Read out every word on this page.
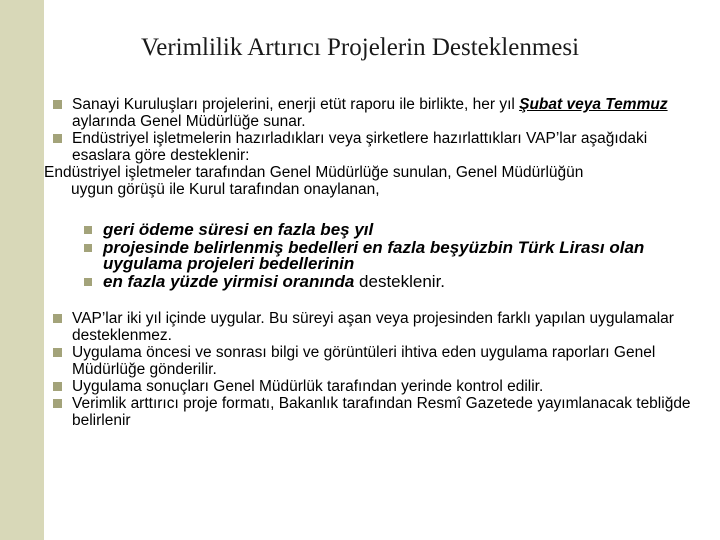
Verimlilik Artırıcı Projelerin Desteklenmesi
Sanayi Kuruluşları projelerini, enerji etüt raporu ile birlikte, her yıl Şubat veya Temmuz aylarında Genel Müdürlüğe sunar.
Endüstriyel işletmelerin hazırladıkları veya şirketlere hazırlattıkları VAP’lar aşağıdaki esaslara göre desteklenir:
Endüstriyel işletmeler tarafından Genel Müdürlüğe sunulan, Genel Müdürlüğün
uygun görüşü ile Kurul tarafından onaylanan,
geri ödeme süresi en fazla beş yıl
projesinde belirlenmiş bedelleri en fazla beşyüzbin Türk Lirası olan uygulama projeleri bedellerinin
en fazla yüzde yirmisi oranında desteklenir.
VAP’lar iki yıl içinde uygular. Bu süreyi aşan veya projesinden farklı yapılan uygulamalar desteklenmez.
Uygulama öncesi ve sonrası bilgi ve görüntüleri ihtiva eden uygulama raporları Genel Müdürlüğe gönderilir.
Uygulama sonuçları Genel Müdürlük tarafından yerinde kontrol edilir.
Verimlik arttırıcı proje formatı, Bakanlık tarafından Resmî Gazetede yayımlanacak tebliğde belirlenir
